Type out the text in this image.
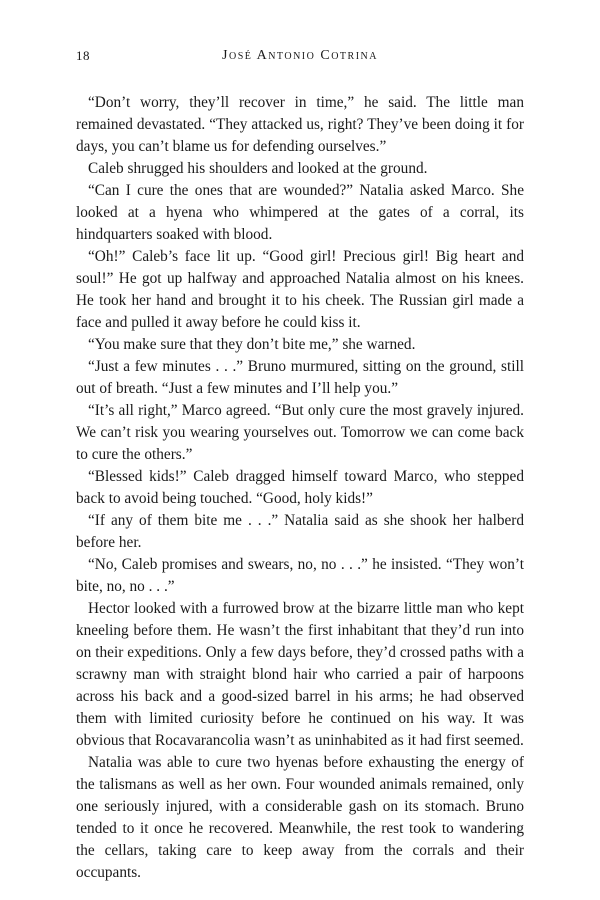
18	José Antonio Cotrina

“Don’t worry, they’ll recover in time,” he said. The little man remained devastated. “They attacked us, right? They’ve been doing it for days, you can’t blame us for defending ourselves.”

Caleb shrugged his shoulders and looked at the ground.

“Can I cure the ones that are wounded?” Natalia asked Marco. She looked at a hyena who whimpered at the gates of a corral, its hindquarters soaked with blood.

“Oh!” Caleb’s face lit up. “Good girl! Precious girl! Big heart and soul!” He got up halfway and approached Natalia almost on his knees. He took her hand and brought it to his cheek. The Russian girl made a face and pulled it away before he could kiss it.

“You make sure that they don’t bite me,” she warned.

“Just a few minutes . . .” Bruno murmured, sitting on the ground, still out of breath. “Just a few minutes and I’ll help you.”

“It’s all right,” Marco agreed. “But only cure the most gravely injured. We can’t risk you wearing yourselves out. Tomorrow we can come back to cure the others.”

“Blessed kids!” Caleb dragged himself toward Marco, who stepped back to avoid being touched. “Good, holy kids!”

“If any of them bite me . . .” Natalia said as she shook her halberd before her.

“No, Caleb promises and swears, no, no . . .” he insisted. “They won’t bite, no, no . . .”

Hector looked with a furrowed brow at the bizarre little man who kept kneeling before them. He wasn’t the first inhabitant that they’d run into on their expeditions. Only a few days before, they’d crossed paths with a scrawny man with straight blond hair who carried a pair of harpoons across his back and a good-sized barrel in his arms; he had observed them with limited curiosity before he continued on his way. It was obvious that Rocavarancolia wasn’t as uninhabited as it had first seemed.

Natalia was able to cure two hyenas before exhausting the energy of the talismans as well as her own. Four wounded animals remained, only one seriously injured, with a considerable gash on its stomach. Bruno tended to it once he recovered. Meanwhile, the rest took to wandering the cellars, taking care to keep away from the corrals and their occupants.
